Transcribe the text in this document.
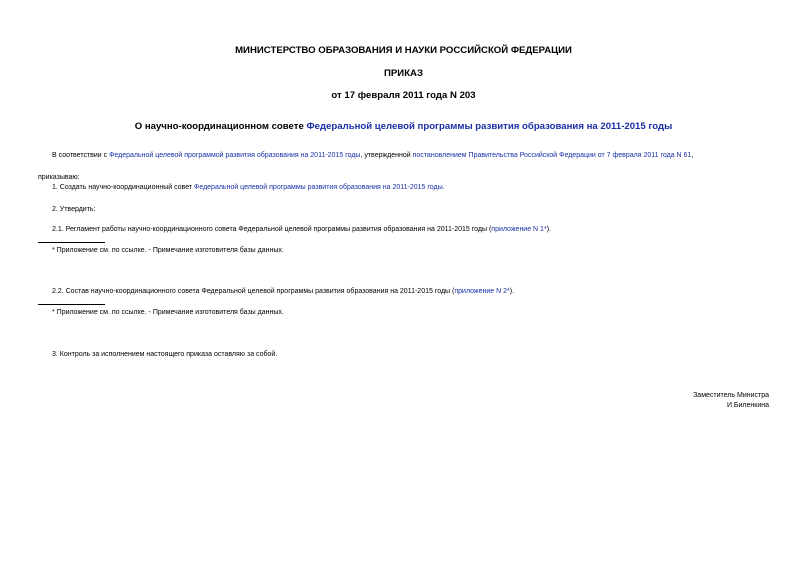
МИНИСТЕРСТВО ОБРАЗОВАНИЯ И НАУКИ РОССИЙСКОЙ ФЕДЕРАЦИИ
ПРИКАЗ
от 17 февраля 2011 года N 203
О научно-координационном совете Федеральной целевой программы развития образования на 2011-2015 годы
В соответствии с Федеральной целевой программой развития образования на 2011-2015 годы, утвержденной постановлением Правительства Российской Федерации от 7 февраля 2011 года N 61,
приказываю:
1. Создать научно-координационный совет Федеральной целевой программы развития образования на 2011-2015 годы.
2. Утвердить:
2.1. Регламент работы научно-координационного совета Федеральной целевой программы развития образования на 2011-2015 годы (приложение N 1*).
* Приложение см. по ссылке. - Примечание изготовителя базы данных.
2.2. Состав научно-координационного совета Федеральной целевой программы развития образования на 2011-2015 годы (приложение N 2*).
* Приложение см. по ссылке. - Примечание изготовителя базы данных.
3. Контроль за исполнением настоящего приказа оставляю за собой.
Заместитель Министра
И.Биленкина
